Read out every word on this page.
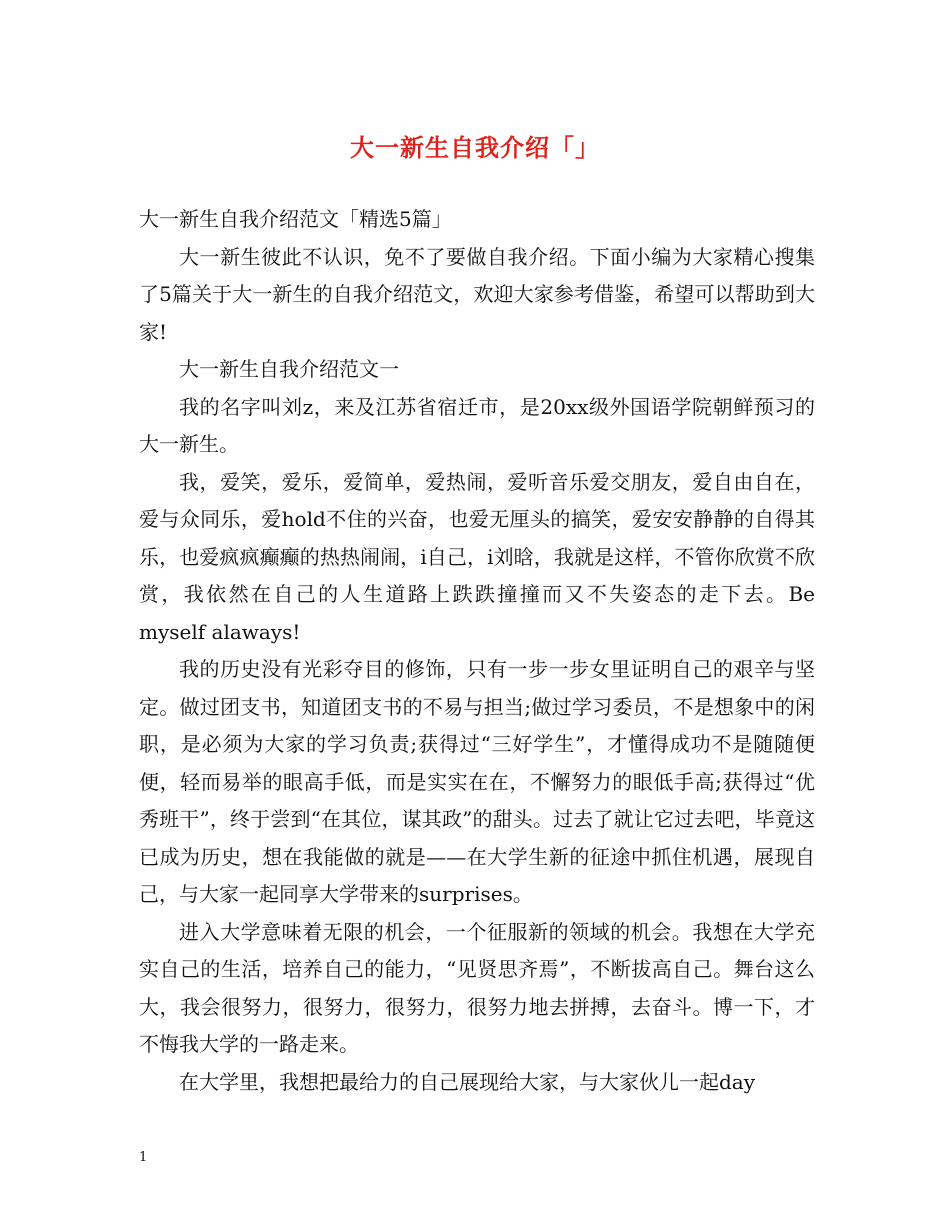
大一新生自我介绍「」

大一新生自我介绍范文「精选5篇」

大一新生彼此不认识，免不了要做自我介绍。下面小编为大家精心搜集了5篇关于大一新生的自我介绍范文，欢迎大家参考借鉴，希望可以帮助到大家!

大一新生自我介绍范文一

我的名字叫刘z，来及江苏省宿迁市，是20xx级外国语学院朝鲜预习的大一新生。

我，爱笑，爱乐，爱简单，爱热闹，爱听音乐爱交朋友，爱自由自在，爱与众同乐，爱hold不住的兴奋，也爱无厘头的搞笑，爱安安静静的自得其乐，也爱疯疯癫癫的热热闹闹，i自己，i刘晗，我就是这样，不管你欣赏不欣赏，我依然在自己的人生道路上跌跌撞撞而又不失姿态的走下去。Be myself alaways!

我的历史没有光彩夺目的修饰，只有一步一步女里证明自己的艰辛与坚定。做过团支书，知道团支书的不易与担当;做过学习委员，不是想象中的闲职，是必须为大家的学习负责;获得过“三好学生”，才懂得成功不是随随便便，轻而易举的眼高手低，而是实实在在，不懈努力的眼低手高;获得过“优秀班干”，终于尝到“在其位，谋其政”的甜头。过去了就让它过去吧，毕竟这已成为历史，想在我能做的就是——在大学生新的征途中抓住机遇，展现自己，与大家一起同享大学带来的surprises。

进入大学意味着无限的机会，一个征服新的领域的机会。我想在大学充实自己的生活，培养自己的能力，“见贤思齐焉”，不断拔高自己。舞台这么大，我会很努力，很努力，很努力，很努力地去拼搏，去奋斗。博一下，才不悔我大学的一路走来。

在大学里，我想把最给力的自己展现给大家，与大家伙儿一起day

1
